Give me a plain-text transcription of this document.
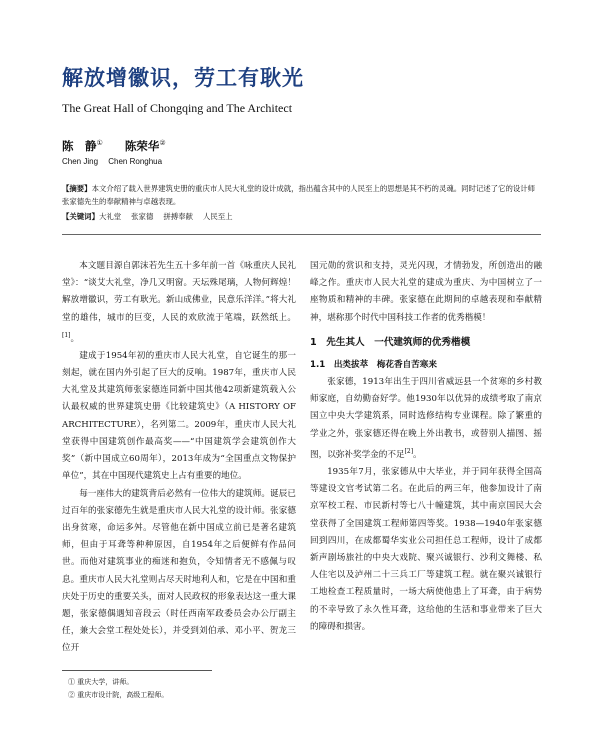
解放增徽识，劳工有耿光
The Great Hall of Chongqing and The Architect
陈　静① 陈荣华②
Chen Jing　 Chen Ronghua
【摘要】本文介绍了载入世界建筑史册的重庆市人民大礼堂的设计成就，指出蕴含其中的人民至上的思想是其不朽的灵魂。同时记述了它的设计师张家德先生的奉献精神与卓越表现。
【关键词】大礼堂 张家德 拼搏奉献 人民至上

本文题目源自郭沫若先生五十多年前一首《咏重庆人民礼堂》：“谈艾大礼堂，净几又明窗。天坛殊尾璃，人物何辉煌！解放增徽识，劳工有耿光。新山成佛业，民意乐洋洋。”将大礼堂的雄伟，城市的巨变，人民的欢欣流于笔端，跃然纸上。[1]。

建成于1954年初的重庆市人民大礼堂，自它诞生的那一刻起，就在国内外引起了巨大的反响。1987年，重庆市人民大礼堂及其建筑师张家德连同新中国其他42项新建筑载入公认最权威的世界建筑史册《比较建筑史》（A HISTORY OF ARCHITECTURE），名列第二。2009年，重庆市人民大礼堂获得中国建筑创作最高奖——“中国建筑学会建筑创作大奖”（新中国成立60周年），2013年成为“全国重点文物保护单位”，其在中国现代建筑史上占有重要的地位。

每一座伟大的建筑背后必然有一位伟大的建筑师。诞辰已过百年的张家德先生就是重庆市人民大礼堂的设计师。张家德出身贫寒，命运多舛。尽管他在新中国成立前已是著名建筑师，但由于耳聋等种种原因，自1954年之后便鲜有作品问世。而他对建筑事业的痴迷和抱负，令知情者无不感佩与叹息。重庆市人民大礼堂则占尽天时地利人和，它是在中国和重庆处于历史的重要关头，面对人民政权的形象表达这一重大课题，张家德偶遇知音段云（时任西南军政委员会办公厅副主任，兼大会堂工程处处长），并受到刘伯承、邓小平、贺龙三位开

国元勋的赏识和支持，灵光闪现，才情勃发，所创造出的融峰之作。重庆市人民大礼堂的建成为重庆、为中国树立了一座物质和精神的丰碑。张家德在此期间的卓越表现和奉献精神，堪称那个时代中国科技工作者的优秀楷模！

1　先生其人　一代建筑师的优秀楷模
1.1　出类拔萃　梅花香自苦寒来

张家德，1913年出生于四川省威远县一个贫寒的乡村教师家庭，自幼勤奋好学。他1930年以优异的成绩考取了南京国立中央大学建筑系，同时选修结构专业课程。除了繁重的学业之外，张家德还得在晚上外出教书，或替别人描图、摇图，以弥补奖学金的不足[2]。

1935年7月，张家德从中大毕业，并于同年获得全国高等建设文官考试第二名。在此后的两三年，他参加设计了南京军校工程、市民新村等七八十幢建筑，其中南京国民大会堂获得了全国建筑工程师第四等奖。1938—1940年张家德回到四川，在成都蜀华实业公司担任总工程师，设计了成都新声剧场旅社的中央大戏院、聚兴诚银行、沙利文舞楼、私人住宅以及泸州二十三兵工厂等建筑工程。就在聚兴诚银行工地检查工程质量时，一场大病使他患上了耳聋，由于病势的不幸导致了永久性耳聋，这给他的生活和事业带来了巨大的障碍和损害。

① 重庆大学，讲师。
② 重庆市设计院，高级工程师。
